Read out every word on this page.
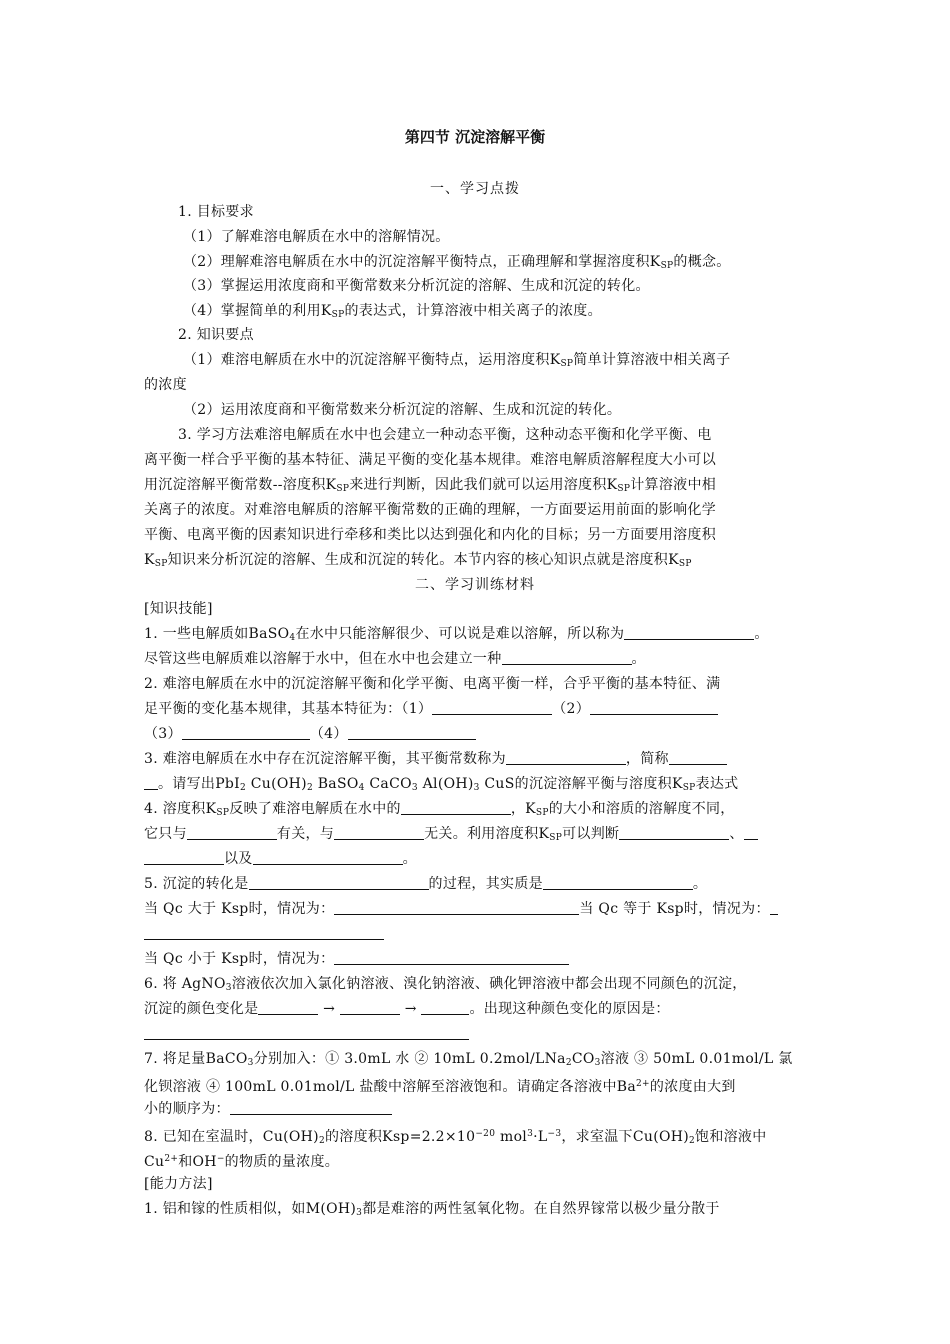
第四节 沉淀溶解平衡
一、学习点拨
1. 目标要求
（1）了解难溶电解质在水中的溶解情况。
（2）理解难溶电解质在水中的沉淀溶解平衡特点，正确理解和掌握溶度积$K_{SP}$的概念。
（3）掌握运用浓度商和平衡常数来分析沉淀的溶解、生成和沉淀的转化。
（4）掌握简单的利用$K_{SP}$的表达式，计算溶液中相关离子的浓度。
2. 知识要点
（1）难溶电解质在水中的沉淀溶解平衡特点，运用溶度积$K_{SP}$简单计算溶液中相关离子
的浓度
（2）运用浓度商和平衡常数来分析沉淀的溶解、生成和沉淀的转化。
3. 学习方法难溶电解质在水中也会建立一种动态平衡，这种动态平衡和化学平衡、电
离平衡一样合乎平衡的基本特征、满足平衡的变化基本规律。难溶电解质溶解程度大小可以
用沉淀溶解平衡常数--溶度积$K_{SP}$来进行判断，因此我们就可以运用溶度积$K_{SP}$计算溶液中相
关离子的浓度。对难溶电解质的溶解平衡常数的正确的理解，一方面要运用前面的影响化学
平衡、电离平衡的因素知识进行牵移和类比以达到强化和内化的目标；另一方面要用溶度积
$K_{SP}$知识来分析沉淀的溶解、生成和沉淀的转化。本节内容的核心知识点就是溶度积$K_{SP}$
二、学习训练材料
[知识技能]
1. 一些电解质如BaSO$_4$在水中只能溶解很少、可以说是难以溶解，所以称为	。
尽管这些电解质难以溶解于水中，但在水中也会建立一种	。
2. 难溶电解质在水中的沉淀溶解平衡和化学平衡、电离平衡一样，合乎平衡的基本特征、满
足平衡的变化基本规律，其基本特征为：（1）	（2）
（3）	（4）
3. 难溶电解质在水中存在沉淀溶解平衡，其平衡常数称为	，简称
。请写出PbI$_2$ $Cu(OH)_2$ BaSO$_4$ CaCO$_3$ $Al(OH)_3$ CuS的沉淀溶解平衡与溶度积$K_{SP}$表达式
4. 溶度积$K_{SP}$反映了难溶电解质在水中的	，$K_{SP}$的大小和溶质的溶解度不同，
它只与	有关，与	无关。利用溶度积$K_{SP}$可以判断	、
以及	。
5. 沉淀的转化是	的过程，其实质是	。
当 Qc 大于 Ksp时，情况为：	当 Qc 等于 Ksp时，情况为：
当 Qc 小于 Ksp时，情况为：
6. 将 AgNO$_3$溶液依次加入氯化钠溶液、溴化钠溶液、碘化钾溶液中都会出现不同颜色的沉淀，
沉淀的颜色变化是	→	→	。出现这种颜色变化的原因是：
7. 将足量BaCO$_3$分别加入：① 3.0mL 水 ② 10mL $0.2mol/LNa_2CO_3$溶液 ③ 50mL 0.01mol/L 氯
化钡溶液 ④ 100mL 0.01mol/L 盐酸中溶解至溶液饱和。请确定各溶液中$Ba^{2+}$的浓度由大到
小的顺序为：
8. 已知在室温时，$Cu(OH)_2$的溶度积$Ksp=2.2\times 10^{-20}$ $mol^3\cdot L^{-3}$，求室温下$Cu(OH)_2$饱和溶液中
$Cu^{2+}$和OH−的物质的量浓度。
[能力方法]
1. 铝和镓的性质相似，如$M(OH)_3$都是难溶的两性氢氧化物。在自然界镓常以极少量分散于
